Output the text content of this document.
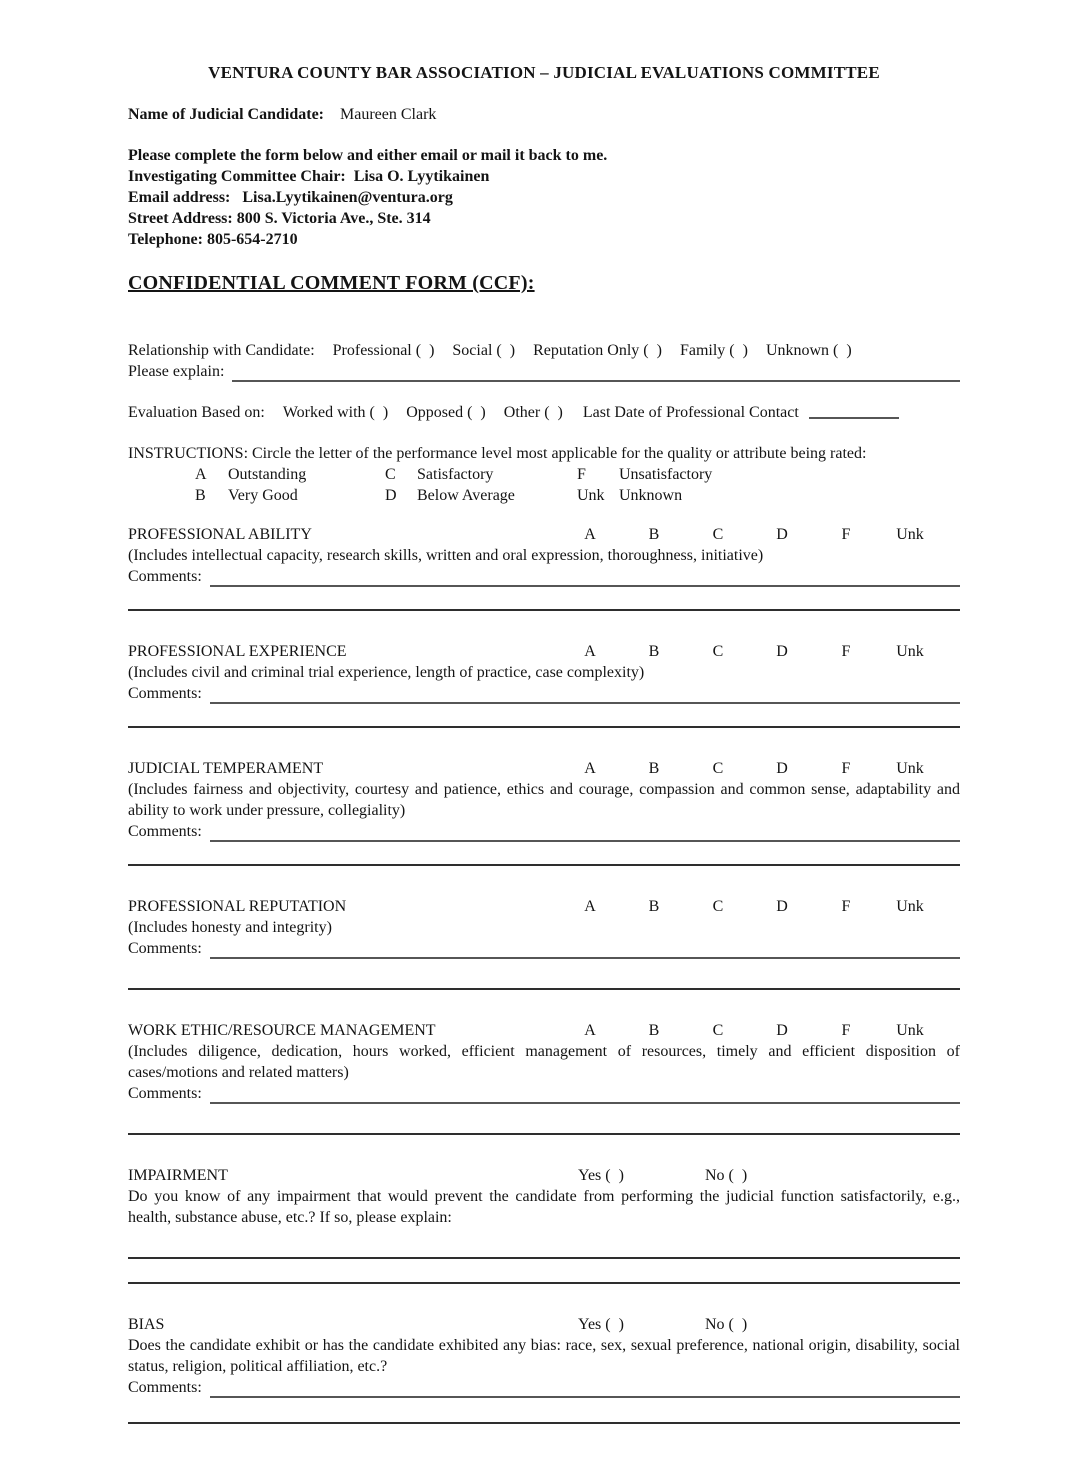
VENTURA COUNTY BAR ASSOCIATION – JUDICIAL EVALUATIONS COMMITTEE
Name of Judicial Candidate: Maureen Clark
Please complete the form below and either email or mail it back to me.
Investigating Committee Chair:  Lisa O. Lyytikainen
Email address:   Lisa.Lyytikainen@ventura.org
Street Address: 800 S. Victoria Ave., Ste. 314
Telephone: 805-654-2710
CONFIDENTIAL COMMENT FORM (CCF):
Relationship with Candidate: Professional (  ) Social (  ) Reputation Only (  ) Family (  ) Unknown (  )
Please explain:
Evaluation Based on: Worked with (  ) Opposed (  ) Other (  ) Last Date of Professional Contact
INSTRUCTIONS: Circle the letter of the performance level most applicable for the quality or attribute being rated:
A	Outstanding	C	Satisfactory	F	Unsatisfactory
B	Very Good	D	Below Average	Unk Unknown
PROFESSIONAL ABILITY	A	B	C	D	F	Unk
(Includes intellectual capacity, research skills, written and oral expression, thoroughness, initiative)
Comments:
PROFESSIONAL EXPERIENCE	A	B	C	D	F	Unk
(Includes civil and criminal trial experience, length of practice, case complexity)
Comments:
JUDICIAL TEMPERAMENT	A	B	C	D	F	Unk
(Includes fairness and objectivity, courtesy and patience, ethics and courage, compassion and common sense, adaptability and ability to work under pressure, collegiality)
Comments:
PROFESSIONAL REPUTATION	A	B	C	D	F	Unk
(Includes honesty and integrity)
Comments:
WORK ETHIC/RESOURCE MANAGEMENT	A	B	C	D	F	Unk
(Includes diligence, dedication, hours worked, efficient management of resources, timely and efficient disposition of cases/motions and related matters)
Comments:
IMPAIRMENT	Yes (  )	No (  )
Do you know of any impairment that would prevent the candidate from performing the judicial function satisfactorily, e.g., health, substance abuse, etc.? If so, please explain:
BIAS	Yes (  )	No (  )
Does the candidate exhibit or has the candidate exhibited any bias: race, sex, sexual preference, national origin, disability, social status, religion, political affiliation, etc.?
Comments:
